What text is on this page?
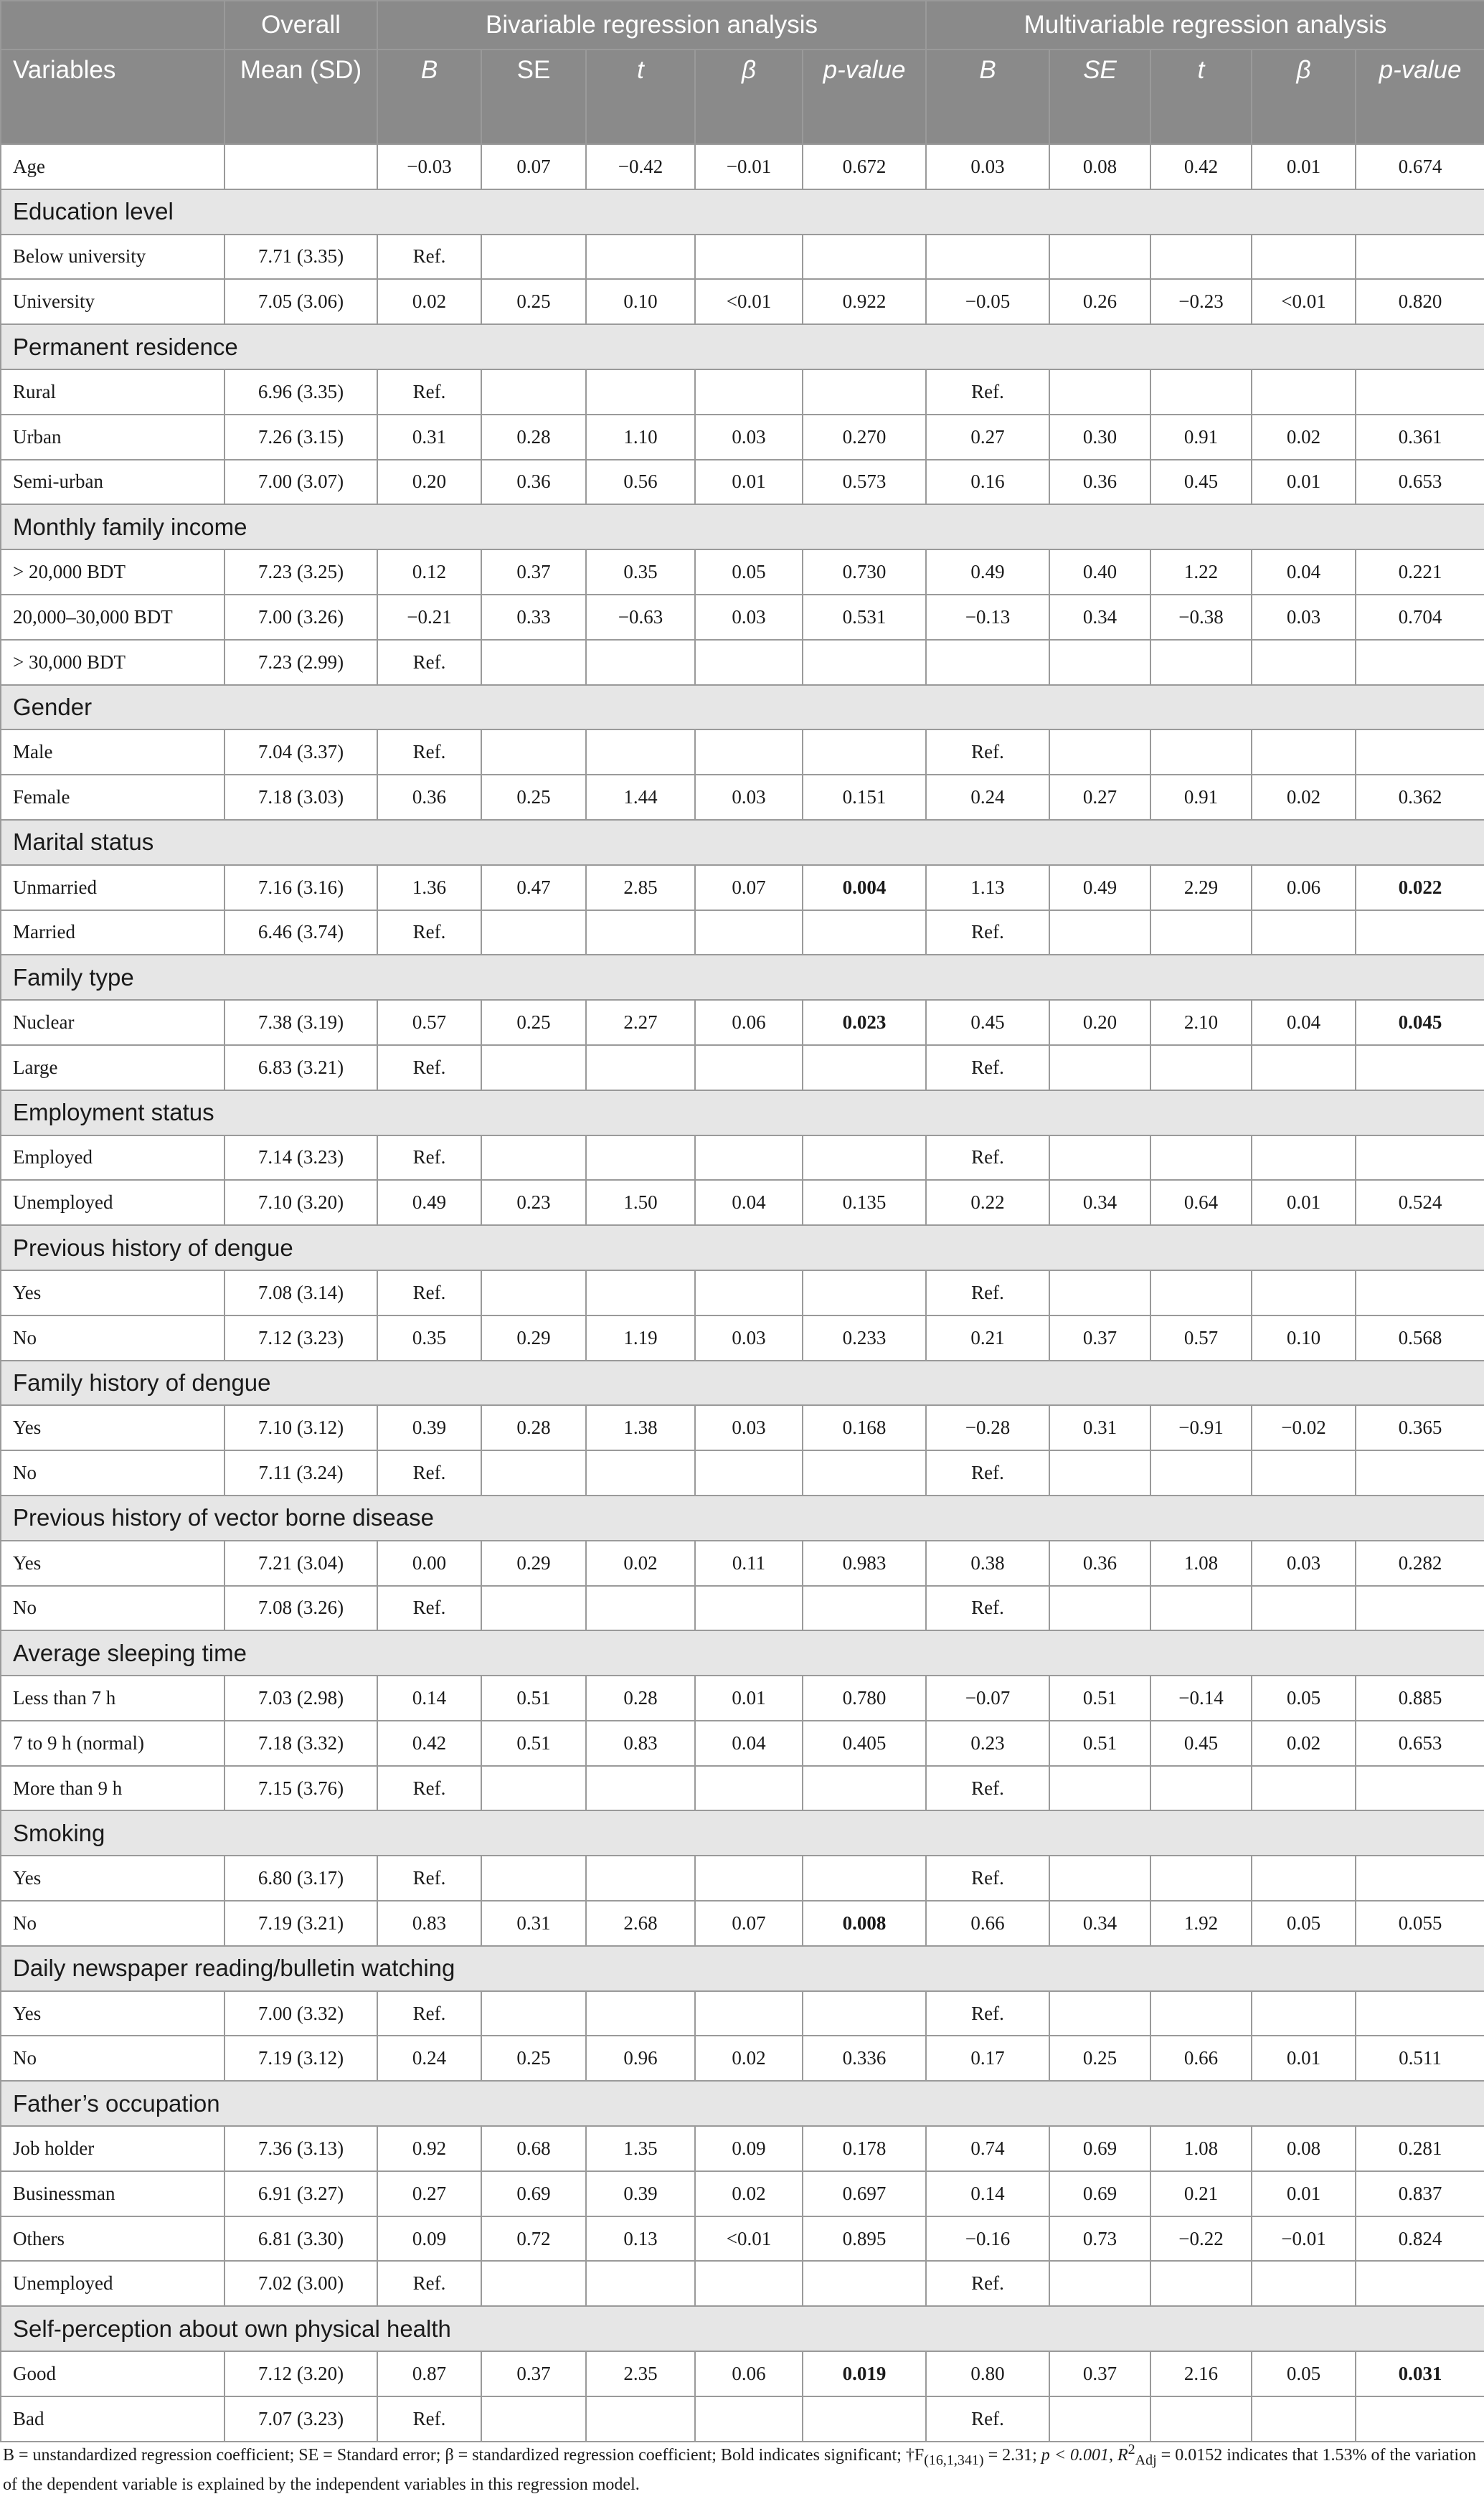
	Overall	Bivariable regression analysis					Multivariable regression analysis				
Variables	Mean (SD)	B	SE	t	β	p-value	B	SE	t	β	p-value
Age		−0.03	0.07	−0.42	−0.01	0.672	0.03	0.08	0.42	0.01	0.674
Education level											
Below university	7.71 (3.35)	Ref.									
University	7.05 (3.06)	0.02	0.25	0.10	<0.01	0.922	−0.05	0.26	−0.23	<0.01	0.820
Permanent residence											
Rural	6.96 (3.35)	Ref.					Ref.				
Urban	7.26 (3.15)	0.31	0.28	1.10	0.03	0.270	0.27	0.30	0.91	0.02	0.361
Semi-urban	7.00 (3.07)	0.20	0.36	0.56	0.01	0.573	0.16	0.36	0.45	0.01	0.653
Monthly family income											
> 20,000 BDT	7.23 (3.25)	0.12	0.37	0.35	0.05	0.730	0.49	0.40	1.22	0.04	0.221
20,000–30,000 BDT	7.00 (3.26)	−0.21	0.33	−0.63	0.03	0.531	−0.13	0.34	−0.38	0.03	0.704
> 30,000 BDT	7.23 (2.99)	Ref.									
Gender											
Male	7.04 (3.37)	Ref.					Ref.				
Female	7.18 (3.03)	0.36	0.25	1.44	0.03	0.151	0.24	0.27	0.91	0.02	0.362
Marital status											
Unmarried	7.16 (3.16)	1.36	0.47	2.85	0.07	0.004	1.13	0.49	2.29	0.06	0.022
Married	6.46 (3.74)	Ref.					Ref.				
Family type											
Nuclear	7.38 (3.19)	0.57	0.25	2.27	0.06	0.023	0.45	0.20	2.10	0.04	0.045
Large	6.83 (3.21)	Ref.					Ref.				
Employment status											
Employed	7.14 (3.23)	Ref.					Ref.				
Unemployed	7.10 (3.20)	0.49	0.23	1.50	0.04	0.135	0.22	0.34	0.64	0.01	0.524
Previous history of dengue											
Yes	7.08 (3.14)	Ref.					Ref.				
No	7.12 (3.23)	0.35	0.29	1.19	0.03	0.233	0.21	0.37	0.57	0.10	0.568
Family history of dengue											
Yes	7.10 (3.12)	0.39	0.28	1.38	0.03	0.168	−0.28	0.31	−0.91	−0.02	0.365
No	7.11 (3.24)	Ref.					Ref.				
Previous history of vector borne disease											
Yes	7.21 (3.04)	0.00	0.29	0.02	0.11	0.983	0.38	0.36	1.08	0.03	0.282
No	7.08 (3.26)	Ref.					Ref.				
Average sleeping time											
Less than 7 h	7.03 (2.98)	0.14	0.51	0.28	0.01	0.780	−0.07	0.51	−0.14	0.05	0.885
7 to 9 h (normal)	7.18 (3.32)	0.42	0.51	0.83	0.04	0.405	0.23	0.51	0.45	0.02	0.653
More than 9 h	7.15 (3.76)	Ref.					Ref.				
Smoking											
Yes	6.80 (3.17)	Ref.					Ref.				
No	7.19 (3.21)	0.83	0.31	2.68	0.07	0.008	0.66	0.34	1.92	0.05	0.055
Daily newspaper reading/bulletin watching											
Yes	7.00 (3.32)	Ref.					Ref.				
No	7.19 (3.12)	0.24	0.25	0.96	0.02	0.336	0.17	0.25	0.66	0.01	0.511
Father’s occupation											
Job holder	7.36 (3.13)	0.92	0.68	1.35	0.09	0.178	0.74	0.69	1.08	0.08	0.281
Businessman	6.91 (3.27)	0.27	0.69	0.39	0.02	0.697	0.14	0.69	0.21	0.01	0.837
Others	6.81 (3.30)	0.09	0.72	0.13	<0.01	0.895	−0.16	0.73	−0.22	−0.01	0.824
Unemployed	7.02 (3.00)	Ref.					Ref.				
Self-perception about own physical health											
Good	7.12 (3.20)	0.87	0.37	2.35	0.06	0.019	0.80	0.37	2.16	0.05	0.031
Bad	7.07 (3.23)	Ref.					Ref.				
B = unstandardized regression coefficient; SE = Standard error; β = standardized regression coefficient; Bold indicates significant; $\dagger F_{(16,1,341)} = 2.31$; p < 0.001, $R^2_{Adj} = 0.0152$ indicates that 1.53% of the variation of the dependent variable is explained by the independent variables in this regression model.
